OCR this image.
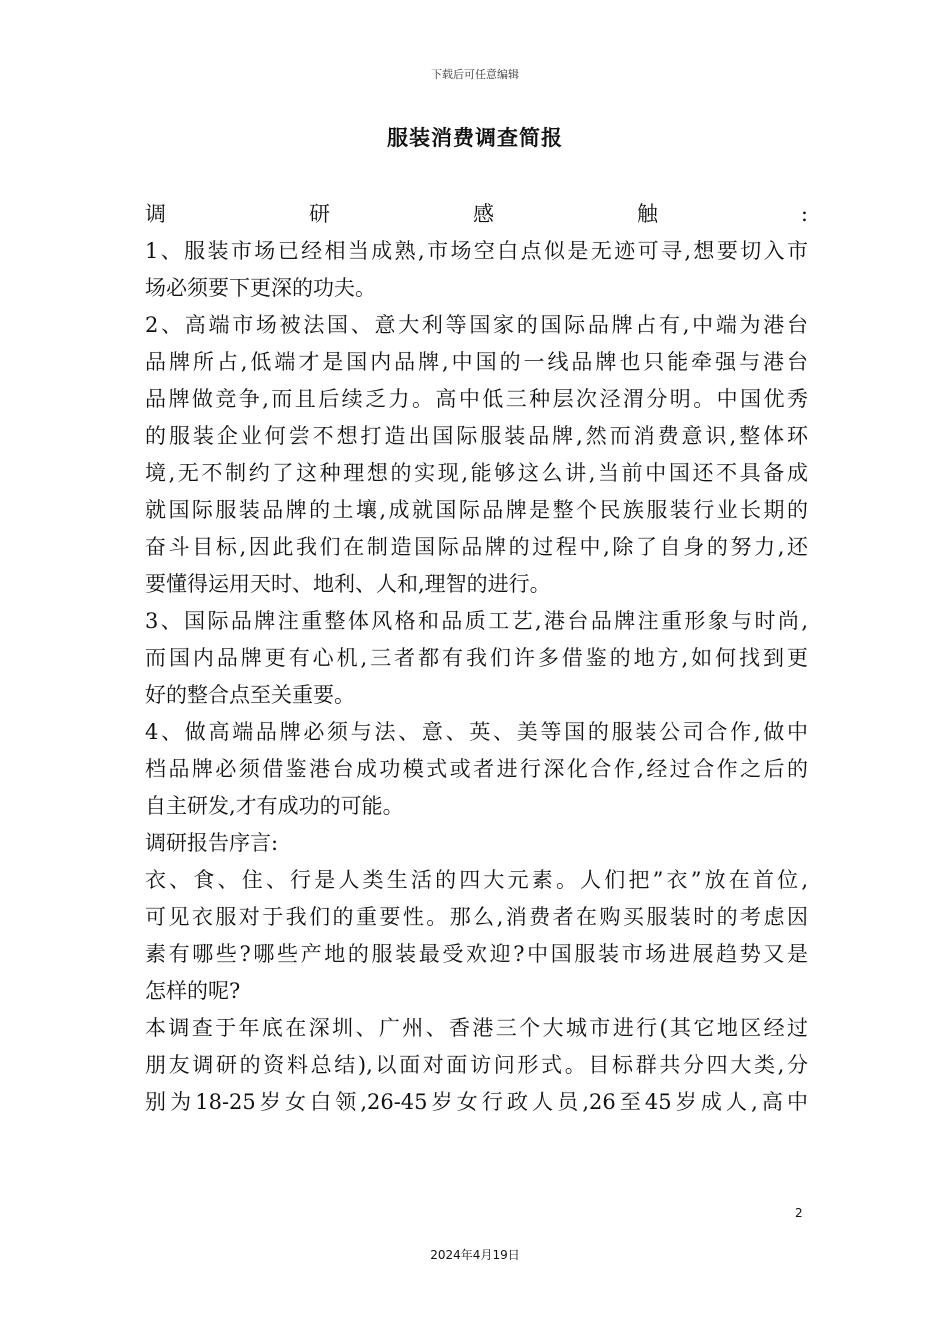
下载后可任意编辑
服装消费调查简报
调	研	感	触	:
1、服装市场已经相当成熟,市场空白点似是无迹可寻,想要切入市
场必须要下更深的功夫。
2、高端市场被法国、意大利等国家的国际品牌占有,中端为港台
品牌所占,低端才是国内品牌,中国的一线品牌也只能牵强与港台
品牌做竞争,而且后续乏力。高中低三种层次泾渭分明。中国优秀
的服装企业何尝不想打造出国际服装品牌,然而消费意识,整体环
境,无不制约了这种理想的实现,能够这么讲,当前中国还不具备成
就国际服装品牌的土壤,成就国际品牌是整个民族服装行业长期的
奋斗目标,因此我们在制造国际品牌的过程中,除了自身的努力,还
要懂得运用天时、地利、人和,理智的进行。
3、国际品牌注重整体风格和品质工艺,港台品牌注重形象与时尚,
而国内品牌更有心机,三者都有我们许多借鉴的地方,如何找到更
好的整合点至关重要。
4、做高端品牌必须与法、意、英、美等国的服装公司合作,做中
档品牌必须借鉴港台成功模式或者进行深化合作,经过合作之后的
自主研发,才有成功的可能。
调研报告序言:
衣、食、住、行是人类生活的四大元素。人们把”衣”放在首位,
可见衣服对于我们的重要性。那么,消费者在购买服装时的考虑因
素有哪些?哪些产地的服装最受欢迎?中国服装市场进展趋势又是
怎样的呢?
本调查于年底在深圳、广州、香港三个大城市进行(其它地区经过
朋友调研的资料总结),以面对面访问形式。目标群共分四大类,分
别为18-25岁女白领,26-45岁女行政人员,26至45岁成人,高中
2
2024年4月19日
